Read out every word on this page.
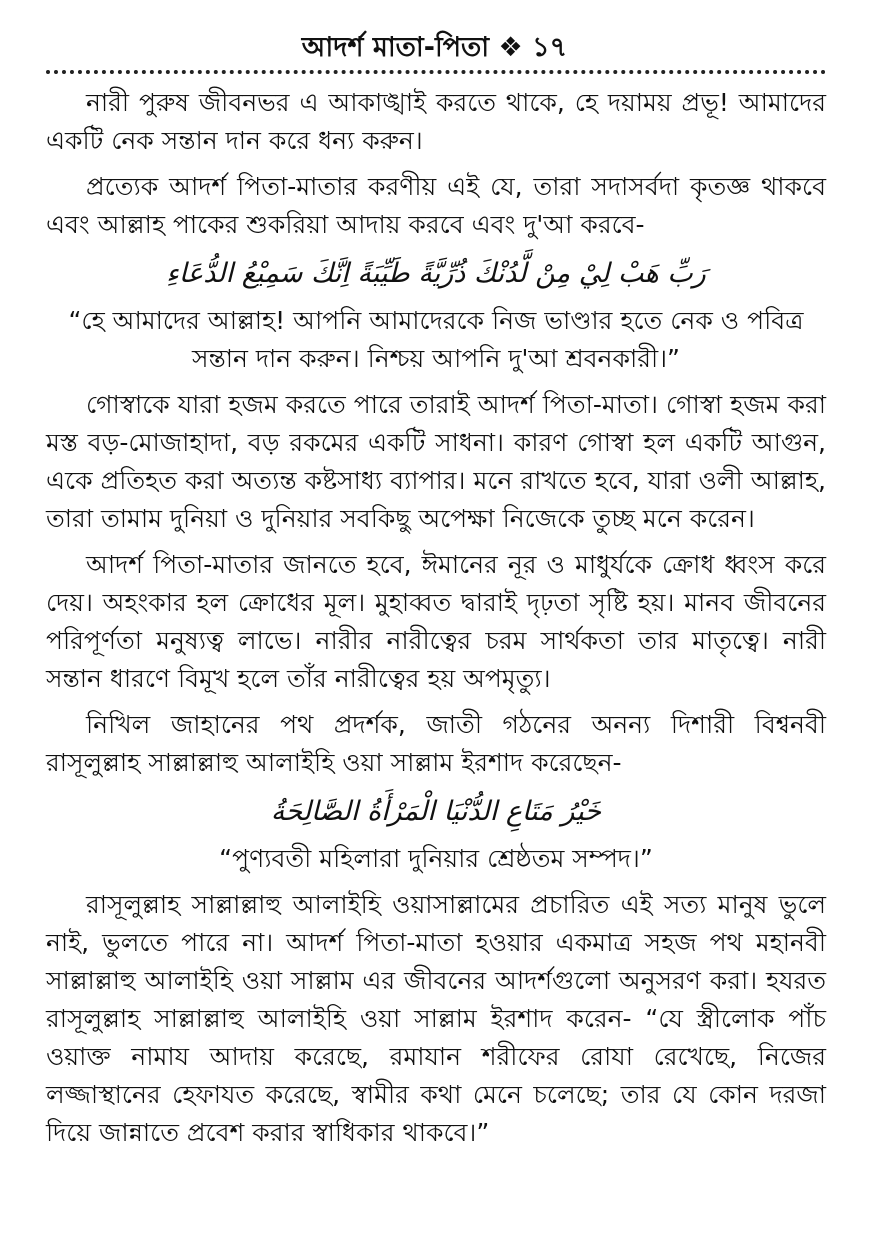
আদর্শ মাতা-পিতা ❖ ১৭

নারী পুরুষ জীবনভর এ আকাঙ্খাই করতে থাকে, হে দয়াময় প্রভূ! আমাদের একটি নেক সন্তান দান করে ধন্য করুন।

প্রত্যেক আদর্শ পিতা-মাতার করণীয় এই যে, তারা সদাসর্বদা কৃতজ্ঞ থাকবে এবং আল্লাহ পাকের শুকরিয়া আদায় করবে এবং দু'আ করবে-

رَبِّ هَبْ لِيْ مِنْ لَّدُنْكَ ذُرِّيَّةً طَيِّبَةً اِنَّكَ سَمِيْعُ الدُّعَاءِ

“হে আমাদের আল্লাহ! আপনি আমাদেরকে নিজ ভাণ্ডার হতে নেক ও পবিত্র সন্তান দান করুন। নিশ্চয় আপনি দু'আ শ্রবনকারী।”

গোস্বাকে যারা হজম করতে পারে তারাই আদর্শ পিতা-মাতা। গোস্বা হজম করা মস্ত বড়-মোজাহাদা, বড় রকমের একটি সাধনা। কারণ গোস্বা হল একটি আগুন, একে প্রতিহত করা অত্যন্ত কষ্টসাধ্য ব্যাপার। মনে রাখতে হবে, যারা ওলী আল্লাহ, তারা তামাম দুনিয়া ও দুনিয়ার সবকিছু অপেক্ষা নিজেকে তুচ্ছ মনে করেন।

আদর্শ পিতা-মাতার জানতে হবে, ঈমানের নূর ও মাধুর্যকে ক্রোধ ধ্বংস করে দেয়। অহংকার হল ক্রোধের মূল। মুহাব্বত দ্বারাই দৃঢ়তা সৃষ্টি হয়। মানব জীবনের পরিপূর্ণতা মনুষ্যত্ব লাভে। নারীর নারীত্বের চরম সার্থকতা তার মাতৃত্বে। নারী সন্তান ধারণে বিমূখ হলে তাঁর নারীত্বের হয় অপমৃত্যু।

নিখিল জাহানের পথ প্রদর্শক, জাতী গঠনের অনন্য দিশারী বিশ্বনবী রাসূলুল্লাহ সাল্লাল্লাহু আলাইহি ওয়া সাল্লাম ইরশাদ করেছেন-

خَيْرُ مَتَاعِ الدُّنْيَا الْمَرْأَةُ الصَّالِحَةُ

“পুণ্যবতী মহিলারা দুনিয়ার শ্রেষ্ঠতম সম্পদ।”

রাসূলুল্লাহ সাল্লাল্লাহু আলাইহি ওয়াসাল্লামের প্রচারিত এই সত্য মানুষ ভুলে নাই, ভুলতে পারে না। আদর্শ পিতা-মাতা হওয়ার একমাত্র সহজ পথ মহানবী সাল্লাল্লাহু আলাইহি ওয়া সাল্লাম এর জীবনের আদর্শগুলো অনুসরণ করা। হযরত রাসূলুল্লাহ সাল্লাল্লাহু আলাইহি ওয়া সাল্লাম ইরশাদ করেন- “যে স্ত্রীলোক পাঁচ ওয়াক্ত নামায আদায় করেছে, রমাযান শরীফের রোযা রেখেছে, নিজের লজ্জাস্থানের হেফাযত করেছে, স্বামীর কথা মেনে চলেছে; তার যে কোন দরজা দিয়ে জান্নাতে প্রবেশ করার স্বাধিকার থাকবে।”
